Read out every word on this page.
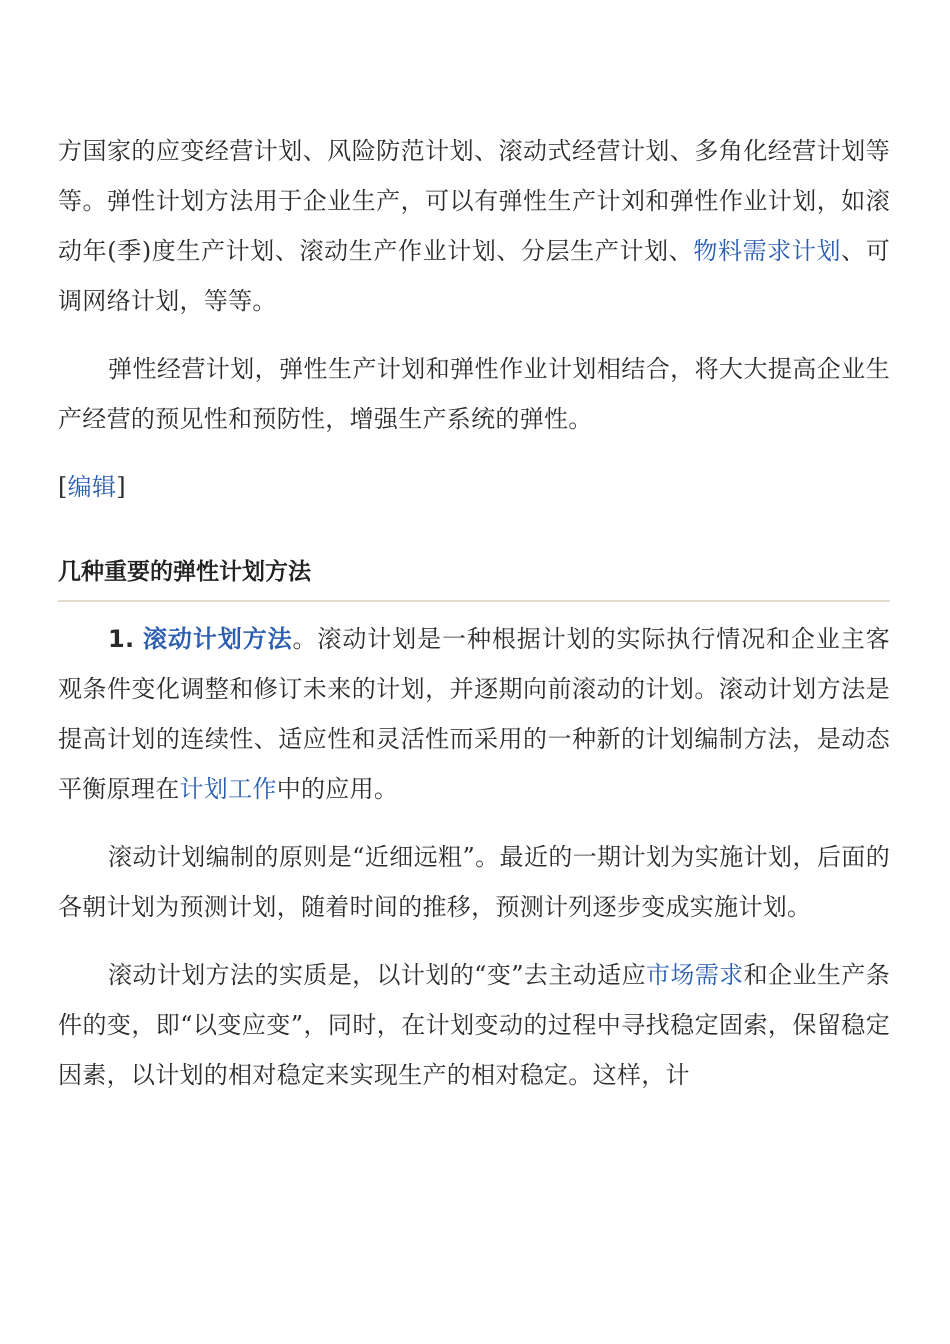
方国家的应变经营计划、风险防范计划、滚动式经营计划、多角化经营计划等等。弹性计划方法用于企业生产，可以有弹性生产计刘和弹性作业计划，如滚动年(季)度生产计划、滚动生产作业计划、分层生产计划、物料需求计划、可调网络计划，等等。

弹性经营计划，弹性生产计划和弹性作业计划相结合，将大大提高企业生产经营的预见性和预防性，增强生产系统的弹性。

[编辑]

几种重要的弹性计划方法

1. 滚动计划方法。滚动计划是一种根据计划的实际执行情况和企业主客观条件变化调整和修订未来的计划，并逐期向前滚动的计划。滚动计划方法是提高计划的连续性、适应性和灵活性而采用的一种新的计划编制方法，是动态平衡原理在计划工作中的应用。

滚动计划编制的原则是“近细远粗”。最近的一期计划为实施计划，后面的各朝计划为预测计划，随着时间的推移，预测计列逐步变成实施计划。

滚动计划方法的实质是，以计划的“变”去主动适应市场需求和企业生产条件的变，即“以变应变”，同时，在计划变动的过程中寻找稳定固索，保留稳定因素，以计划的相对稳定来实现生产的相对稳定。这样，计
